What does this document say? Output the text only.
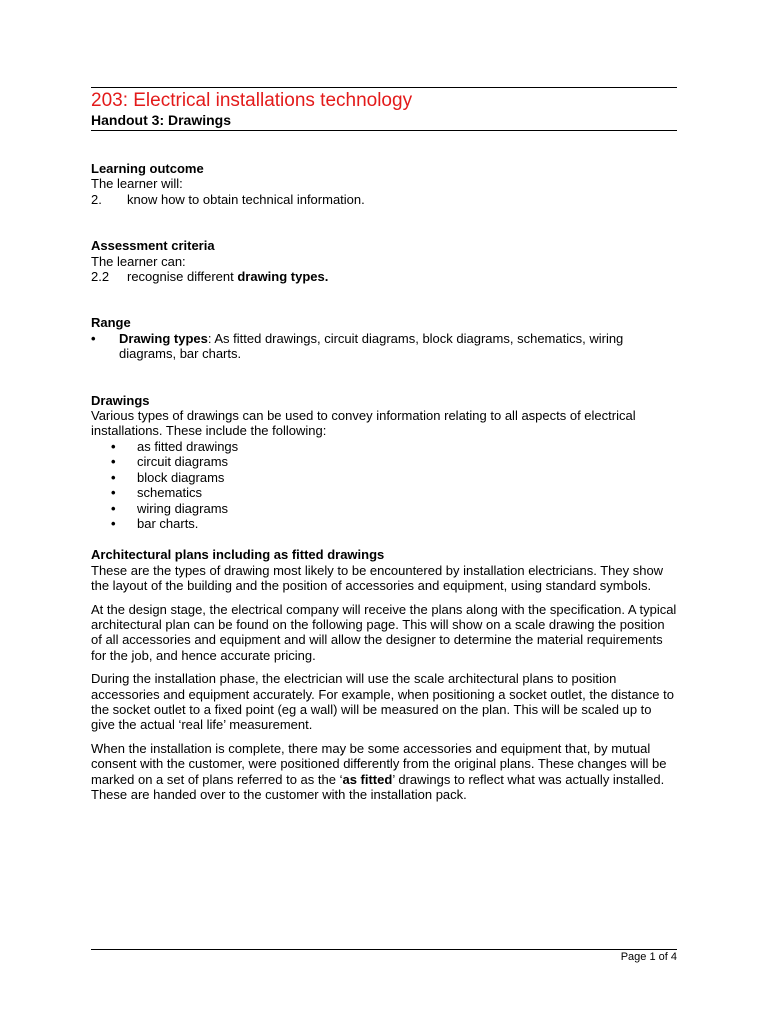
203: Electrical installations technology
Handout 3: Drawings

Learning outcome

The learner will:

2.	know how to obtain technical information.

Assessment criteria

The learner can:

2.2	recognise different drawing types.

Range

•	Drawing types: As fitted drawings, circuit diagrams, block diagrams, schematics, wiring diagrams, bar charts.

Drawings

Various types of drawings can be used to convey information relating to all aspects of electrical installations. These include the following:

•	as fitted drawings
•	circuit diagrams
•	block diagrams
•	schematics
•	wiring diagrams
•	bar charts.

Architectural plans including as fitted drawings

These are the types of drawing most likely to be encountered by installation electricians. They show the layout of the building and the position of accessories and equipment, using standard symbols.

At the design stage, the electrical company will receive the plans along with the specification. A typical architectural plan can be found on the following page. This will show on a scale drawing the position of all accessories and equipment and will allow the designer to determine the material requirements for the job, and hence accurate pricing.

During the installation phase, the electrician will use the scale architectural plans to position accessories and equipment accurately. For example, when positioning a socket outlet, the distance to the socket outlet to a fixed point (eg a wall) will be measured on the plan. This will be scaled up to give the actual ‘real life’ measurement.

When the installation is complete, there may be some accessories and equipment that, by mutual consent with the customer, were positioned differently from the original plans. These changes will be marked on a set of plans referred to as the ‘as fitted’ drawings to reflect what was actually installed. These are handed over to the customer with the installation pack.

Page 1 of 4
